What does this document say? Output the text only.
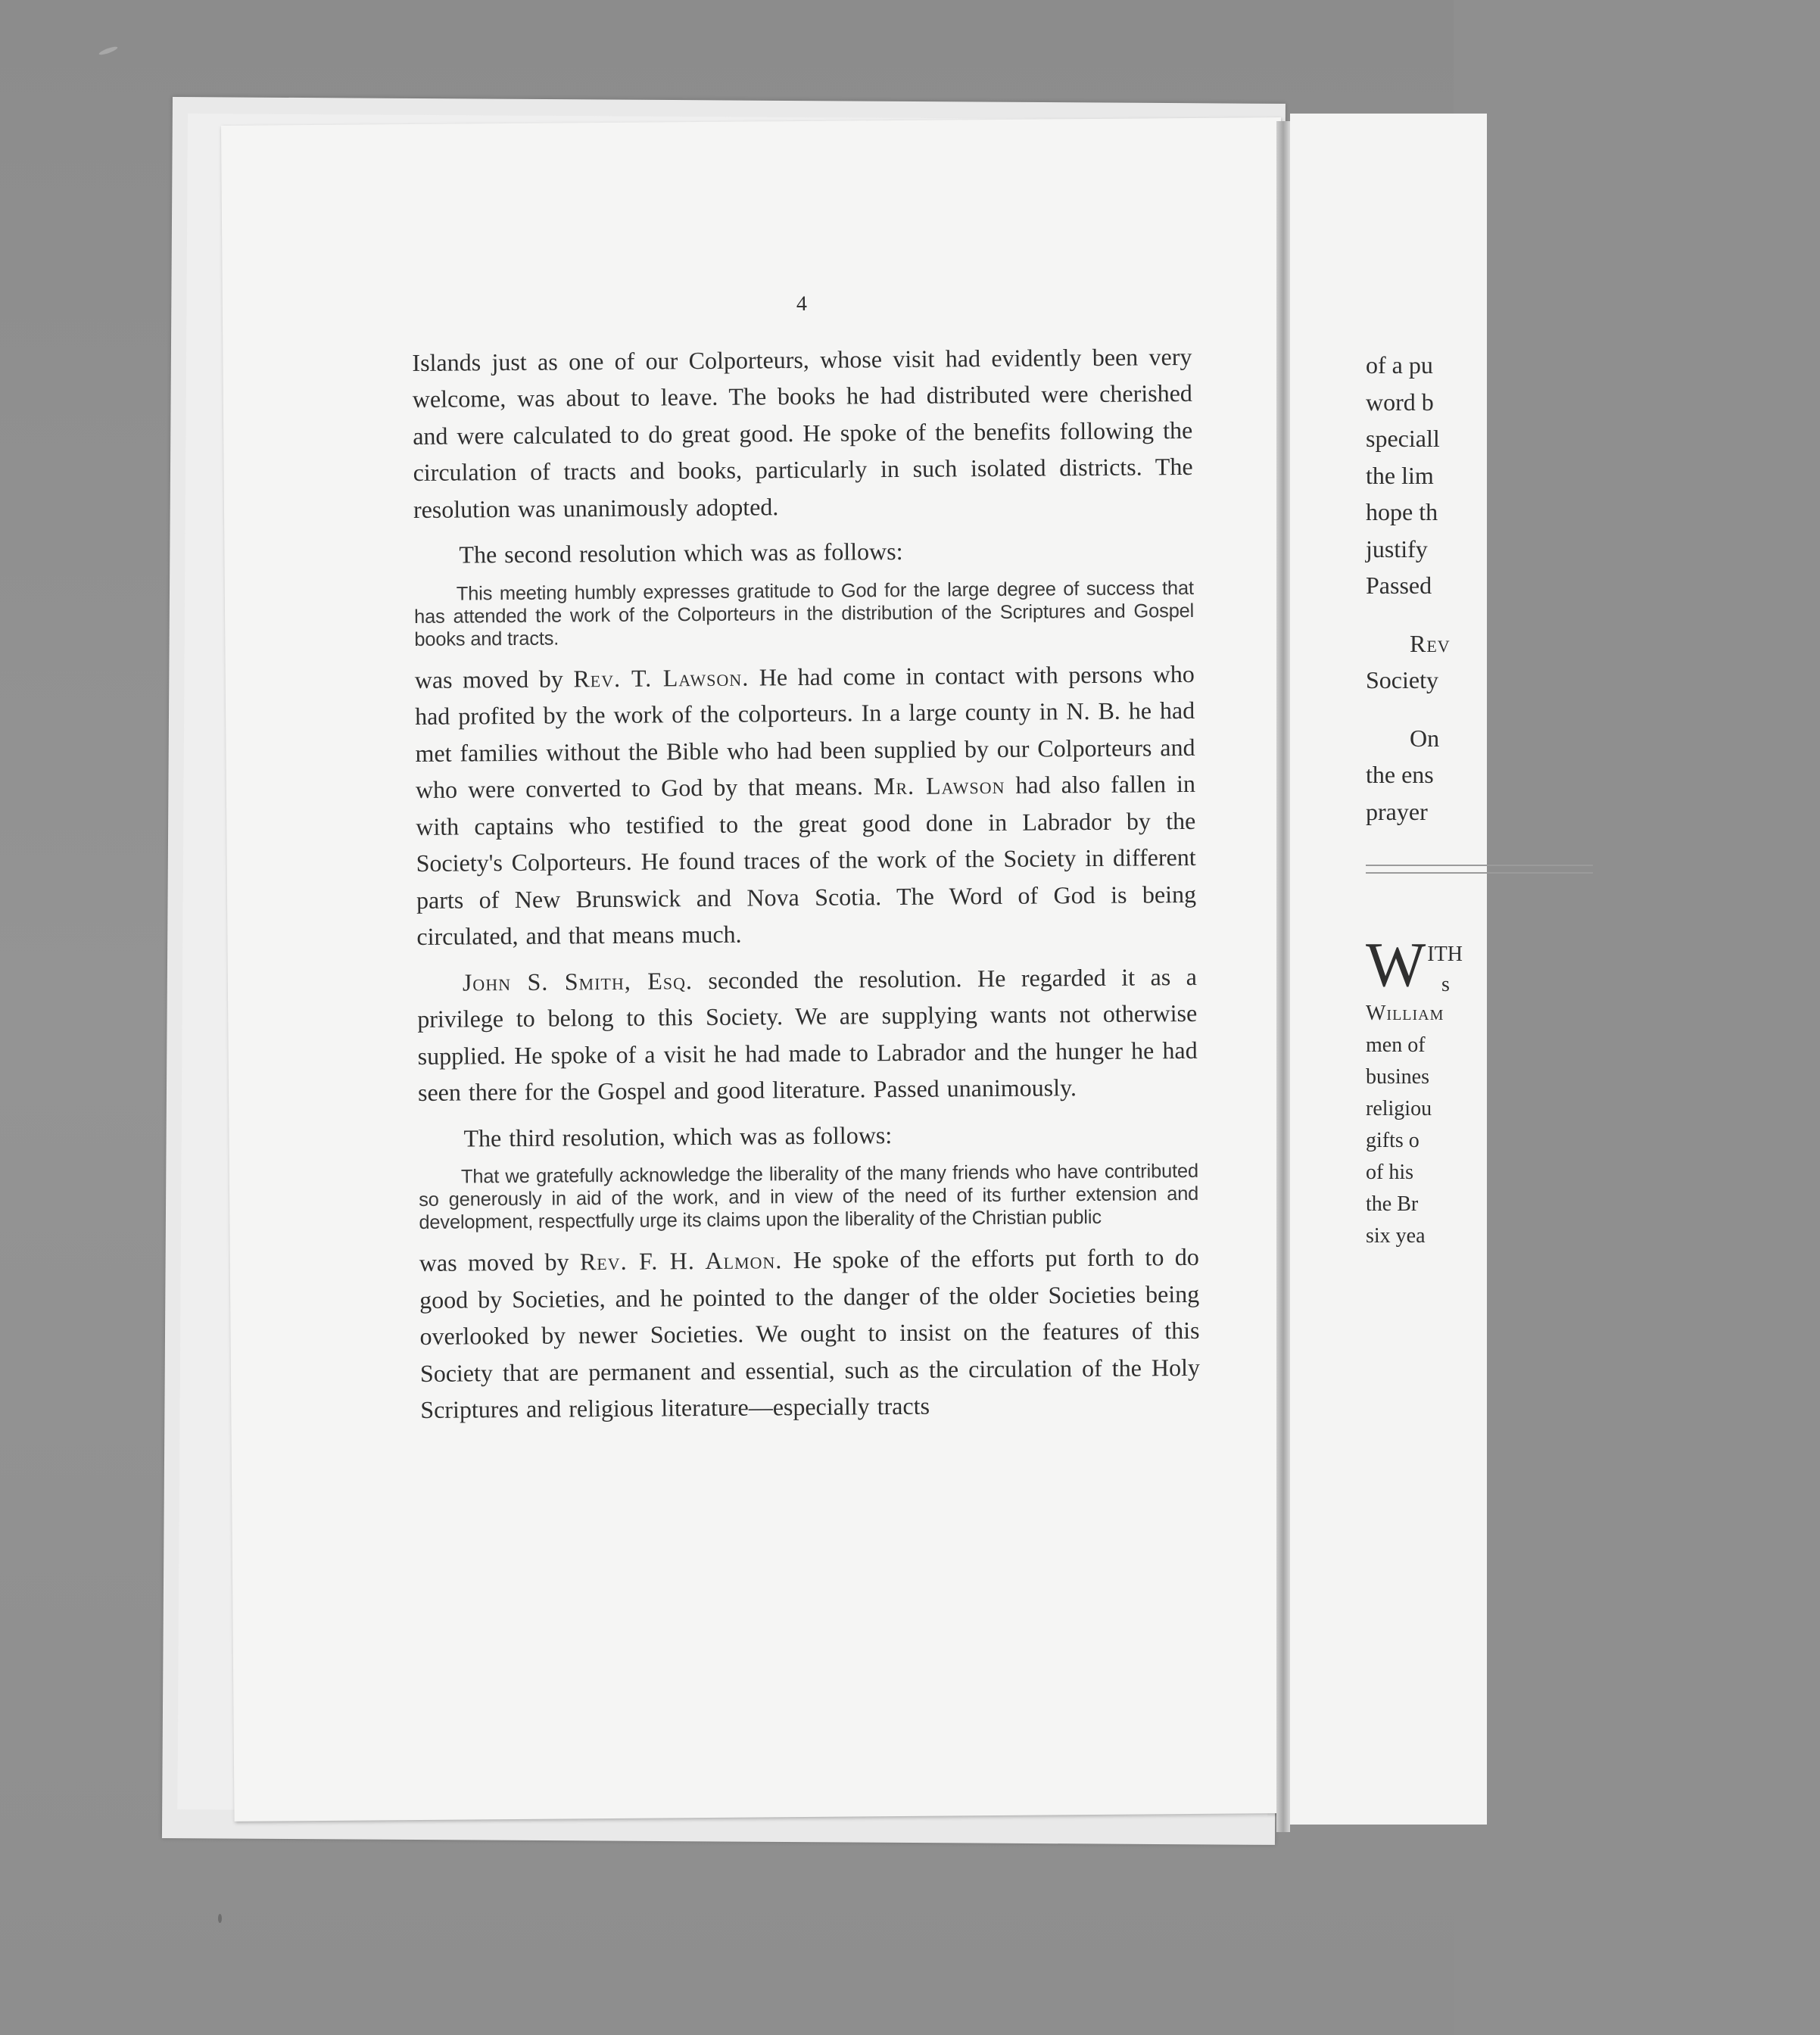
4

Islands just as one of our Colporteurs, whose visit had evidently been very welcome, was about to leave. The books he had distributed were cherished and were calculated to do great good. He spoke of the benefits following the circulation of tracts and books, particularly in such isolated districts. The resolution was unanimously adopted.

The second resolution which was as follows:

This meeting humbly expresses gratitude to God for the large degree of success that has attended the work of the Colporteurs in the distribution of the Scriptures and Gospel books and tracts.

was moved by Rev. T. Lawson. He had come in contact with persons who had profited by the work of the colporteurs. In a large county in N. B. he had met families without the Bible who had been supplied by our Colporteurs and who were converted to God by that means. Mr. Lawson had also fallen in with captains who testified to the great good done in Labrador by the Society's Colporteurs. He found traces of the work of the Society in different parts of New Brunswick and Nova Scotia. The Word of God is being circulated, and that means much.

John S. Smith, Esq. seconded the resolution. He regarded it as a privilege to belong to this Society. We are supplying wants not otherwise supplied. He spoke of a visit he had made to Labrador and the hunger he had seen there for the Gospel and good literature. Passed unanimously.

The third resolution, which was as follows:

That we gratefully acknowledge the liberality of the many friends who have contributed so generously in aid of the work, and in view of the need of its further extension and development, respectfully urge its claims upon the liberality of the Christian public

was moved by Rev. F. H. Almon. He spoke of the efforts put forth to do good by Societies, and he pointed to the danger of the older Societies being overlooked by newer Societies. We ought to insist on the features of this Society that are permanent and essential, such as the circulation of the Holy Scriptures and religious literature—especially tracts

of a pu
word b
speciall
the lim
hope th
justify
Passed
Rev
Society
On
the ens
prayer
WITH
s
William
men of
busines
religiou
gifts o
of his
the Br
six yea
